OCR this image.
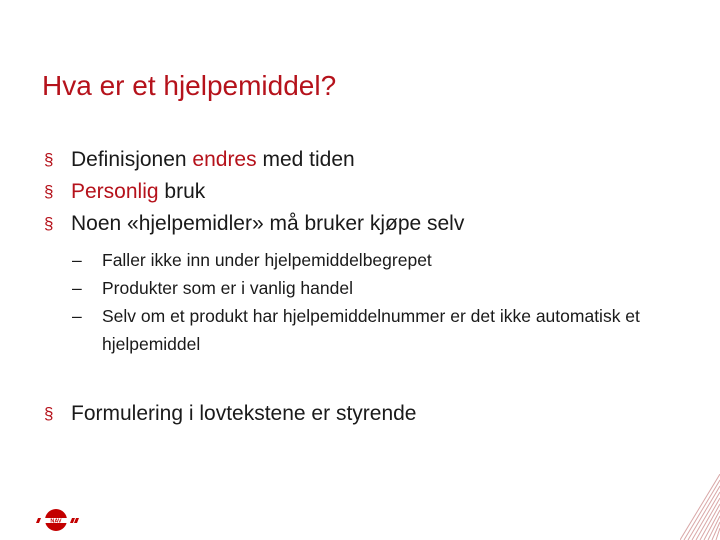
Hva er et hjelpemiddel?
§ Definisjonen endres med tiden
§ Personlig bruk
§ Noen «hjelpemidler» må bruker kjøpe selv
– Faller ikke inn under hjelpemiddelbegrepet
– Produkter som er i vanlig handel
– Selv om et produkt har hjelpemiddelnummer er det ikke automatisk et hjelpemiddel
§ Formulering i lovtekstene er styrende
NAV
